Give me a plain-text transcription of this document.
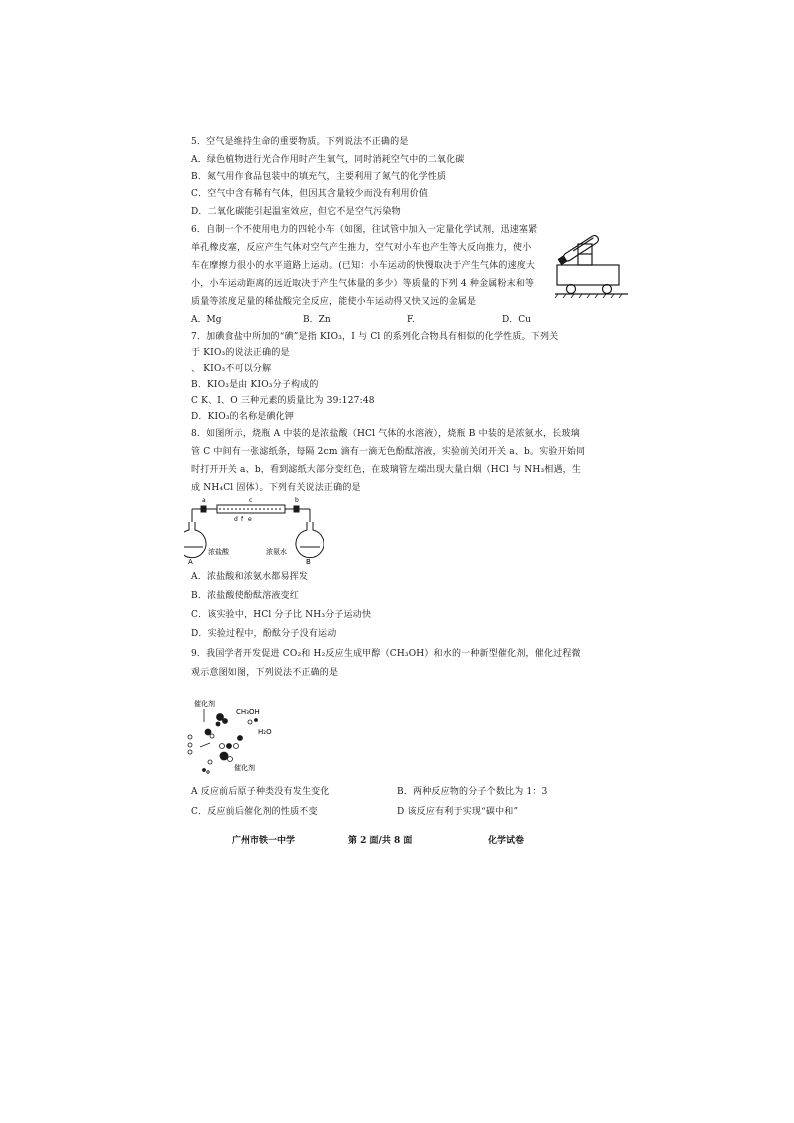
5．空气是维持生命的重要物质。下列说法不正确的是
A．绿色植物进行光合作用时产生氧气，同时消耗空气中的二氧化碳
B．氮气用作食品包装中的填充气，主要利用了氮气的化学性质
C．空气中含有稀有气体，但因其含量较少而没有利用价值
D．二氧化碳能引起温室效应，但它不是空气污染物
6．自制一个不使用电力的四轮小车（如图，往试管中加入一定量化学试剂，迅速塞紧
单孔橡皮塞，反应产生气体对空气产生推力，空气对小车也产生等大反向推力，使小
车在摩擦力很小的水平道路上运动。(已知：小车运动的快慢取决于产生气体的速度大
小，小车运动距离的远近取决于产生气体量的多少）等质量的下列 4 种金属粉末和等
质量等浓度足量的稀盐酸完全反应，能使小车运动得又快又远的金属是
A．Mg	B．Zn	F.	D．Cu
7．加碘食盐中所加的“碘”是指 KIO₃，I 与 Cl 的系列化合物具有相似的化学性质。下列关
于 KIO₃的说法正确的是
、 KIO₃不可以分解
B．KIO₃是由 KIO₃分子构成的
C K、I、O 三种元素的质量比为 39:127:48
D．KIO₃的名称是碘化钾
8．如图所示，烧瓶 A 中装的是浓盐酸（HCl 气体的水溶液），烧瓶 B 中装的是浓氨水，长玻璃
管 C 中间有一张滤纸条，每隔 2cm 滴有一滴无色酚酞溶液，实验前关闭开关 a、b。实验开始同
时打开开关 a、b，看到滤纸大部分变红色，在玻璃管左端出现大量白烟（HCl 与 NH₃相遇，生
成 NH₄Cl 固体）。下列有关说法正确的是
a	b
c
d f e
浓盐酸	浓氨水
A	B
A．浓盐酸和浓氨水都易挥发
B．浓盐酸使酚酞溶液变红
C．该实验中，HCl 分子比 NH₃分子运动快
D．实验过程中，酚酞分子没有运动
9．我国学者开发促进 CO₂和 H₂反应生成甲醇（CH₃OH）和水的一种新型催化剂，催化过程微
观示意图如图，下列说法不正确的是
催化剂
CH₃OH
H₂O
催化剂
A 反应前后原子种类没有发生变化	B．两种反应物的分子个数比为 1：3
C．反应前后催化剂的性质不变	D 该反应有利于实现“碳中和”
广州市铁一中学	第 2 面/共 8 面	化学试卷
